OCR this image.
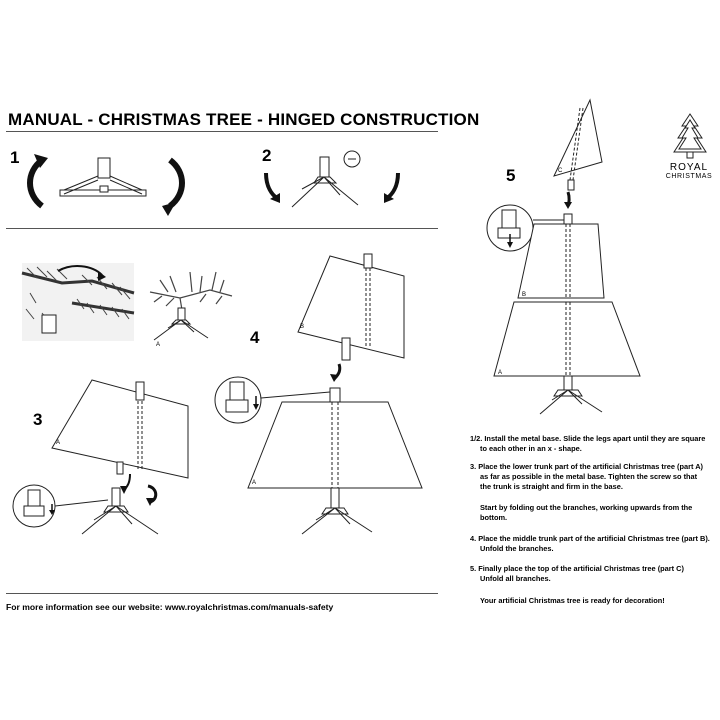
MANUAL - CHRISTMAS TREE - HINGED CONSTRUCTION
ROYAL
CHRISTMAS
1	2
3
4
5
A
A
B
A
C
B
A
1/2. Install the metal base. Slide the legs apart until they are square
to each other in an x - shape.
3. Place the lower trunk part of the artificial Christmas tree (part A)
as far as possible in the metal base. Tighten the screw so that
the trunk is straight and firm in the base.
Start by folding out the branches, working upwards from the bottom.
4. Place the middle trunk part of the artificial Christmas tree (part B).
Unfold the branches.
5. Finally place the top of the artificial Christmas tree (part C)
Unfold all branches.
Your artificial Christmas tree is ready for decoration!
For more information see our website: www.royalchristmas.com/manuals-safety
